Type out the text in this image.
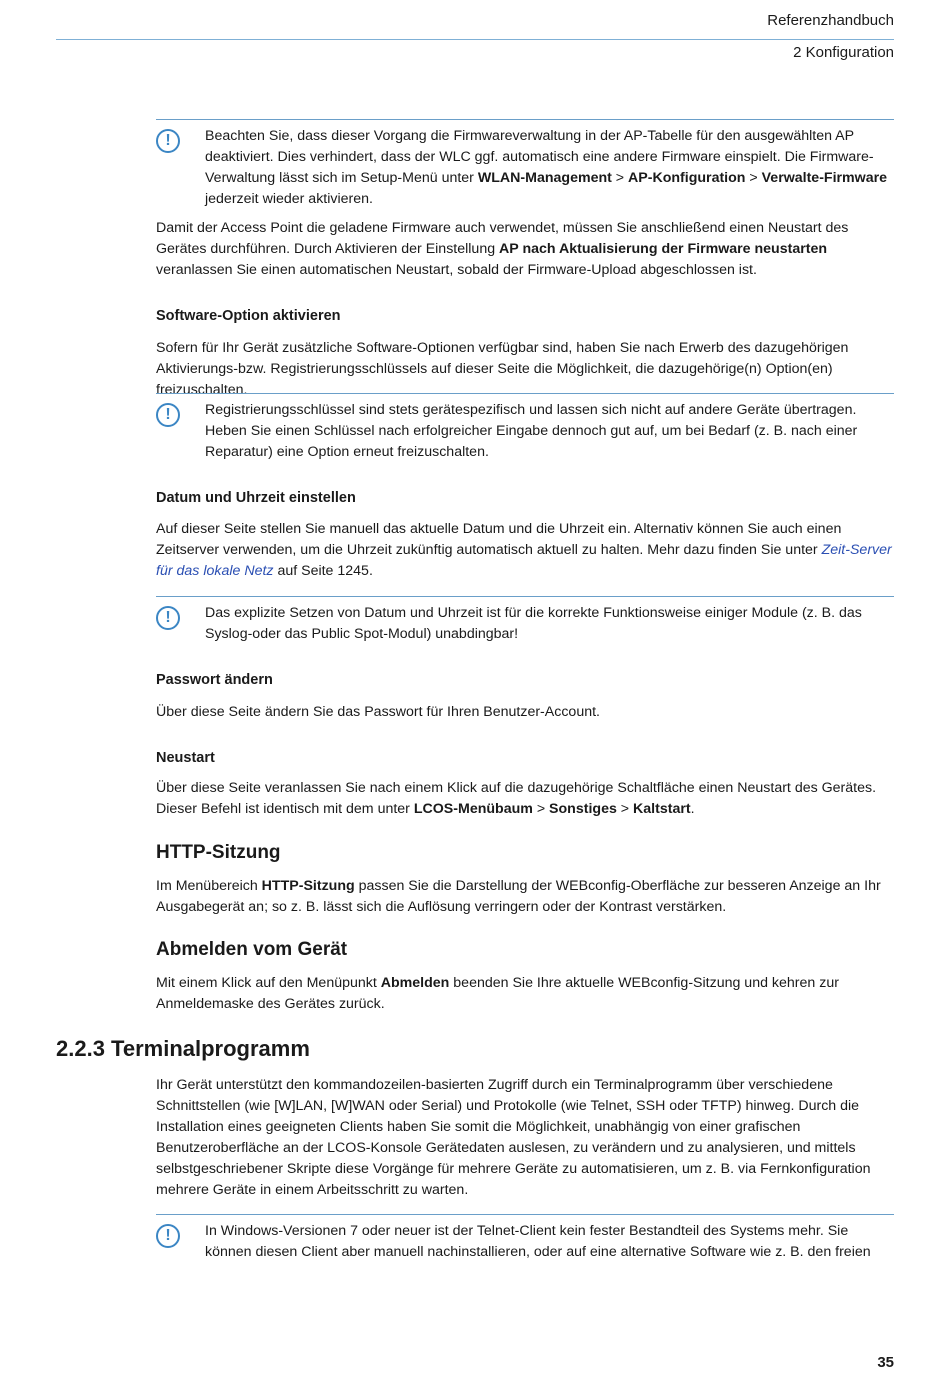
Referenzhandbuch
2 Konfiguration
!	Beachten Sie, dass dieser Vorgang die Firmwareverwaltung in der AP-Tabelle für den ausgewählten AP deaktiviert. Dies verhindert, dass der WLC ggf. automatisch eine andere Firmware einspielt. Die Firmware-Verwaltung lässt sich im Setup-Menü unter WLAN-Management > AP-Konfiguration > Verwalte-Firmware jederzeit wieder aktivieren.

Damit der Access Point die geladene Firmware auch verwendet, müssen Sie anschließend einen Neustart des Gerätes durchführen. Durch Aktivieren der Einstellung AP nach Aktualisierung der Firmware neustarten veranlassen Sie einen automatischen Neustart, sobald der Firmware-Upload abgeschlossen ist.

Software-Option aktivieren

Sofern für Ihr Gerät zusätzliche Software-Optionen verfügbar sind, haben Sie nach Erwerb des dazugehörigen Aktivierungs-bzw. Registrierungsschlüssels auf dieser Seite die Möglichkeit, die dazugehörige(n) Option(en) freizuschalten.

!	Registrierungsschlüssel sind stets gerätespezifisch und lassen sich nicht auf andere Geräte übertragen. Heben Sie einen Schlüssel nach erfolgreicher Eingabe dennoch gut auf, um bei Bedarf (z. B. nach einer Reparatur) eine Option erneut freizuschalten.
Datum und Uhrzeit einstellen

Auf dieser Seite stellen Sie manuell das aktuelle Datum und die Uhrzeit ein. Alternativ können Sie auch einen Zeitserver verwenden, um die Uhrzeit zukünftig automatisch aktuell zu halten. Mehr dazu finden Sie unter Zeit-Server für das lokale Netz auf Seite 1245.

!	Das explizite Setzen von Datum und Uhrzeit ist für die korrekte Funktionsweise einiger Module (z. B. das Syslog-oder das Public Spot-Modul) unabdingbar!
Passwort ändern

Über diese Seite ändern Sie das Passwort für Ihren Benutzer-Account.

Neustart

Über diese Seite veranlassen Sie nach einem Klick auf die dazugehörige Schaltfläche einen Neustart des Gerätes. Dieser Befehl ist identisch mit dem unter LCOS-Menübaum > Sonstiges > Kaltstart.

HTTP-Sitzung

Im Menübereich HTTP-Sitzung passen Sie die Darstellung der WEBconfig-Oberfläche zur besseren Anzeige an Ihr Ausgabegerät an; so z. B. lässt sich die Auflösung verringern oder der Kontrast verstärken.

Abmelden vom Gerät

Mit einem Klick auf den Menüpunkt Abmelden beenden Sie Ihre aktuelle WEBconfig-Sitzung und kehren zur Anmeldemaske des Gerätes zurück.

2.2.3 Terminalprogramm

Ihr Gerät unterstützt den kommandozeilen-basierten Zugriff durch ein Terminalprogramm über verschiedene Schnittstellen (wie [W]LAN, [W]WAN oder Serial) und Protokolle (wie Telnet, SSH oder TFTP) hinweg. Durch die Installation eines geeigneten Clients haben Sie somit die Möglichkeit, unabhängig von einer grafischen Benutzeroberfläche an der LCOS-Konsole Gerätedaten auslesen, zu verändern und zu analysieren, und mittels selbstgeschriebener Skripte diese Vorgänge für mehrere Geräte zu automatisieren, um z. B. via Fernkonfiguration mehrere Geräte in einem Arbeitsschritt zu warten.

!	In Windows-Versionen 7 oder neuer ist der Telnet-Client kein fester Bestandteil des Systems mehr. Sie können diesen Client aber manuell nachinstallieren, oder auf eine alternative Software wie z. B. den freien
35
